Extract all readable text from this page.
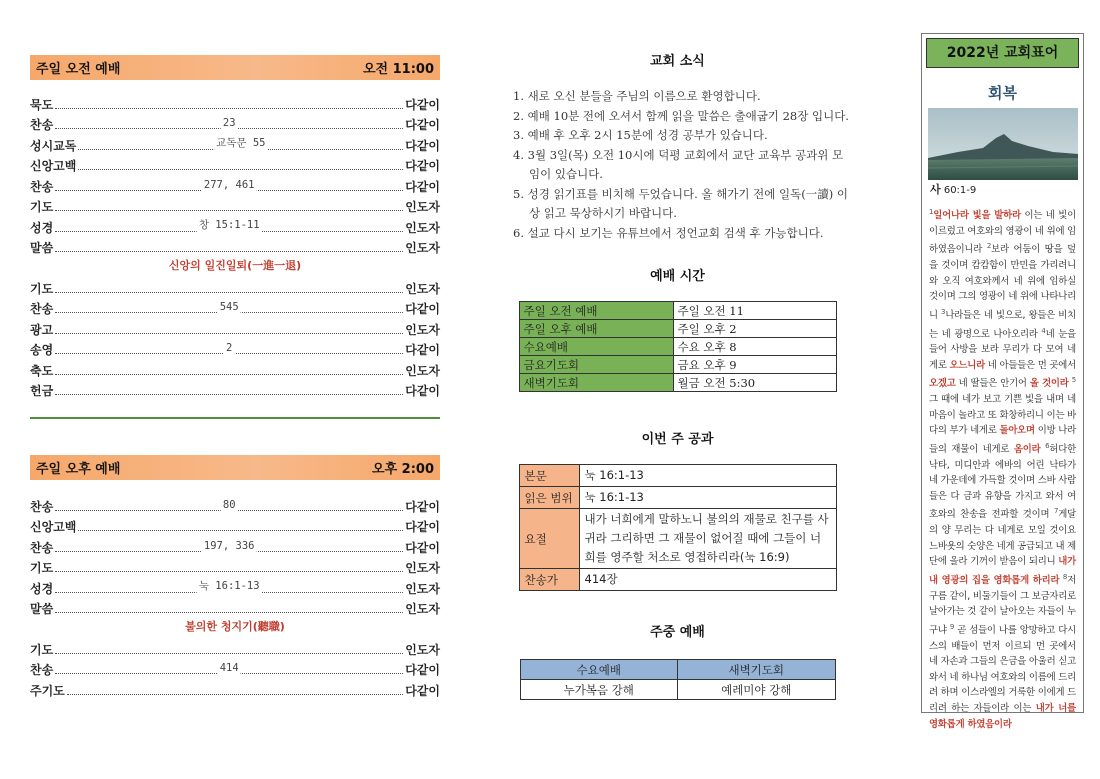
주일 오전 예배	오전 11:00
묵도	다같이
찬송	23	다같이
성시교독	교독문 55	다같이
신앙고백	다같이
찬송	277, 461	다같이
기도	인도자
성경	창 15:1-11	인도자
말씀	인도자
신앙의 일진일퇴(一進一退)
기도	인도자
찬송	545	다같이
광고	인도자
송영	2	다같이
축도	인도자
헌금	다같이
주일 오후 예배	오후 2:00
찬송	80	다같이
신앙고백	다같이
찬송	197, 336	다같이
기도	인도자
성경	눅 16:1-13	인도자
말씀	인도자
불의한 청지기(聽職)
기도	인도자
찬송	414	다같이
주기도	다같이
교회 소식
1. 새로 오신 분들을 주님의 이름으로 환영합니다.
2. 예배 10분 전에 오셔서 함께 읽을 말씀은 출애굽기 28장 입니다.
3. 예배 후 오후 2시 15분에 성경 공부가 있습니다.
4. 3월 3일(목) 오전 10시에 덕평 교회에서 교단 교육부 공과위 모임이 있습니다.
5. 성경 읽기표를 비치해 두었습니다. 올 해가기 전에 일독(一讀) 이상 읽고 묵상하시기 바랍니다.
6. 설교 다시 보기는 유튜브에서 정언교회 검색 후 가능합니다.
예배 시간
주일 오전 예배	주일 오전 11
주일 오후 예배	주일 오후 2
수요예배	수요 오후 8
금요기도회	금요 오후 9
새벽기도회	월금 오전 5:30
이번 주 공과
본문	눅 16:1-13
읽은 범위	눅 16:1-13
요절	내가 너희에게 말하노니 불의의 재물로 친구를 사귀라 그리하면 그 재물이 없어질 때에 그들이 너희를 영주할 처소로 영접하리라(눅 16:9)
찬송가	414장
주중 예배
수요예배	새벽기도회
누가복음 강해	예레미야 강해
2022년 교회표어
회복
사 60:1-9
$^1$일어나라 빛을 발하라 이는 네 빛이 이르렀고 여호와의 영광이 네 위에 임하였음이니라 $^2$보라 어둠이 땅을 덮을 것이며 캄캄함이 만민을 가리려니와 오직 여호와께서 네 위에 임하실 것이며 그의 영광이 네 위에 나타나리니 $^3$나라들은 네 빛으로, 왕들은 비치는 네 광명으로 나아오리라 $^4$네 눈을 들어 사방을 보라 무리가 다 모여 네게로 오느니라 네 아들들은 먼 곳에서 오겠고 네 딸들은 안기어 올 것이라 $^5$그 때에 네가 보고 기쁜 빛을 내며 네 마음이 놀라고 또 화창하리니 이는 바다의 부가 네게로 돌아오며 이방 나라들의 재물이 네게로 옴이라 $^6$허다한 낙타, 미디안과 에바의 어린 낙타가 네 가운데에 가득할 것이며 스바 사람들은 다 금과 유향을 가지고 와서 여호와의 찬송을 전파할 것이며 $^7$게달의 양 무리는 다 네게로 모일 것이요 느바욧의 숫양은 네게 공급되고 내 제단에 올라 기꺼이 받음이 되리니 내가 내 영광의 집을 영화롭게 하리라 $^8$저 구름 같이, 비둘기들이 그 보금자리로 날아가는 것 같이 날아오는 자들이 누구냐 $^9$ 곧 섬들이 나를 앙망하고 다시스의 배들이 먼저 이르되 먼 곳에서 네 자손과 그들의 은금을 아울러 싣고 와서 네 하나님 여호와의 이름에 드리려 하며 이스라엘의 거룩한 이에게 드리려 하는 자들이라 이는 내가 너를 영화롭게 하였음이라
